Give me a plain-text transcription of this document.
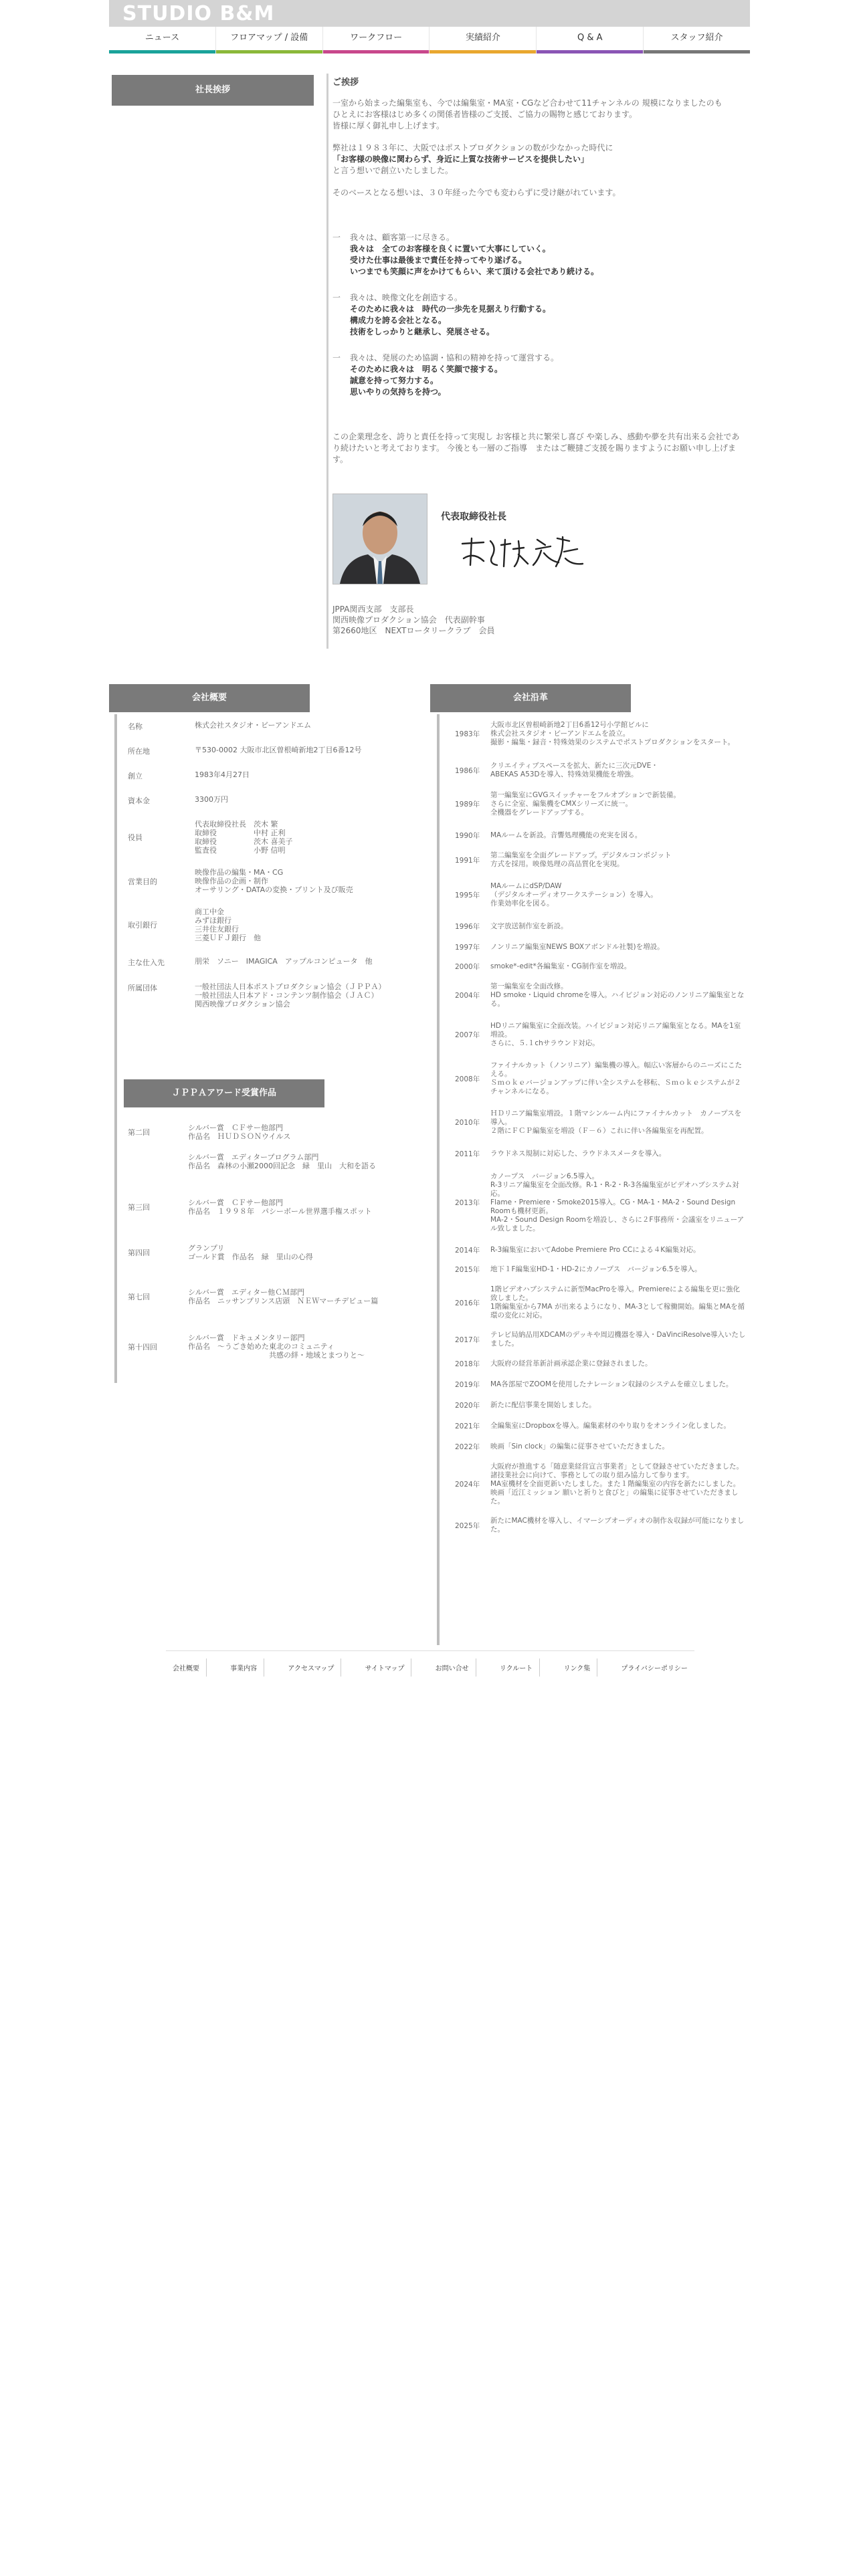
STUDIO B&M
ニュース	フロアマップ / 設備	ワークフロー	実績紹介	Q & A	スタッフ紹介
社長挨拶
ご挨拶

一室から始まった編集室も、今では編集室・MA室・CGなど合わせて11チャンネルの 規模になりましたのも
ひとえにお客様はじめ多くの関係者皆様のご支援、ご協力の賜物と感じております。
皆様に厚く御礼申し上げます。

弊社は１９８３年に、大阪ではポストプロダクションの数が少なかった時代に
「お客様の映像に関わらず、身近に上質な技術サービスを提供したい」
と言う想いで創立いたしました。

そのベースとなる想いは、３０年経った今でも変わらずに受け継がれています。

一	我々は、顧客第一に尽きる。
我々は　全てのお客様を良くに置いて大事にしていく。
受けた仕事は最後まで責任を持ってやり遂げる。
いつまでも笑顔に声をかけてもらい、来て頂ける会社であり続ける。
一	我々は、映像文化を創造する。
そのために我々は　時代の一歩先を見据えり行動する。
構成力を誇る会社となる。
技術をしっかりと継承し、発展させる。
一	我々は、発展のため協調・協和の精神を持って運営する。
そのために我々は　明るく笑顔で接する。
誠意を持って努力する。
思いやりの気持ちを持つ。

この企業理念を、誇りと責任を持って実現し お客様と共に繁栄し喜び や楽しみ、感動や夢を共有出来る会社であり続けたいと考えております。 今後とも一層のご指導　またはご鞭撻ご支援を賜りますようにお願い申し上げます。

代表取締役社長
JPPA関西支部　支部長
関西映像プロダクション協会　代表副幹事
第2660地区　NEXTロータリークラブ　会員
会社概要
名称	株式会社スタジオ・ビーアンドエム
所在地	〒530-0002 大阪市北区曽根崎新地2丁目6番12号
創立	1983年4月27日
資本金	3300万円
役員
代表取締役社長　茨木 繁
取締役　　　　　中村 正利
取締役　　　　　茨木 喜美子
監査役　　　　　小野 信明
営業目的
映像作品の編集・MA・CG
映像作品の企画・制作
オーサリング・DATAの変換・プリント及び販売
取引銀行
商工中金
みずほ銀行
三井住友銀行
三菱ＵＦＪ銀行　他
主な仕入先	朋栄　ソニー　IMAGICA　アップルコンピュータ　他
所属団体	一般社団法人日本ポストプロダクション協会（ＪＰＰＡ）
一般社団法人日本アド・コンテンツ制作協会（ＪＡＣ）
関西映像プロダクション協会
ＪＰＰＡアワード受賞作品
第二回
シルバー賞　ＣＦサー他部門
作品名　ＨＵＤＳＯＮウイルス
シルバー賞　エディタープログラム部門
作品名　森林の小瀬2000回記念　緑　里山　大和を語る
第三回
シルバー賞　ＣＦサー他部門
作品名　１９９８年　パシーボール世界選手権スポット
第四回
グランプリ
ゴールド賞　作品名　緑　里山の心得
第七回
シルバー賞　エディター他ＣＭ部門
作品名　ニッサンプリンス店頭　ＮＥＷマーチデビュー篇
第十四回
シルバー賞　ドキュメンタリー部門
作品名　〜うごき始めた東北のコミュニティ
　　　　　　　　　　　共感の絆・地域とまつりと〜
会社沿革
1983年
大阪市北区曽根崎新地2丁目6番12号小学館ビルに
株式会社スタジオ・ビーアンドエムを設立。
撮影・編集・録音・特殊効果のシステムでポストプロダクションをスタート。
1986年
クリエイティブスペースを拡大、新たに三次元DVE・
ABEKAS A53Dを導入、特殊効果機能を増強。
1989年
第一編集室にGVGスイッチャーをフルオプションで新装備。
さらに全室、編集機をCMXシリーズに統一。
全機器をグレードアップする。
1990年	MAルームを新設。音響処理機能の充実を図る。
1991年
第二編集室を全面グレードアップ。デジタルコンポジット
方式を採用。映像処理の高品質化を実現。
1995年
MAルームにdSP/DAW
（デジタルオーディオワークステーション）を導入。
作業効率化を図る。
1996年	文字放送制作室を新設。
1997年	ノンリニア編集室NEWS BOXアボンドル社製)を増設。
2000年	smoke*-edit*各編集室・CG制作室を増設。
2004年
第一編集室を全面改修。
HD smoke・Liquid chromeを導入。ハイビジョン対応のノンリニア編集室となる。
2007年
HDリニア編集室に全面改装。ハイビジョン対応リニア編集室となる。MAを1室増設。
さらに、５.１chサラウンド対応。
2008年
ファイナルカット（ノンリニア）編集機の導入。幅広い客層からのニーズにこたえる。
Ｓｍｏｋｅバージョンアップに伴い全システムを移転、Ｓｍｏｋｅシステムが２チャンネルになる。
2010年
ＨＤリニア編集室増設。１階マシンルーム内にファイナルカット　カノープスを導入。
２階にＦＣＰ編集室を増設（Ｆ－６）これに伴い各編集室を再配置。
2011年	ラウドネス規制に対応した、ラウドネスメータを導入。
2013年
カノープス　バージョン6.5導入。
R-3リニア編集室を全面改修。R-1・R-2・R-3各編集室がビデオハブシステム対応。
Flame・Premiere・Smoke2015導入。CG・MA-1・MA-2・Sound Design Roomも機材更新。
MA-2・Sound Design Roomを増設し、さらに２F事務所・会議室をリニューアル致しました。
2014年	R-3編集室においてAdobe Premiere Pro CCによる４K編集対応。
2015年	地下１F編集室HD-1・HD-2にカノープス　バージョン6.5を導入。
2016年
1階ビデオハブシステムに新型MacProを導入。Premiereによる編集を更に強化致しました。
1階編集室から7MA が出来るようになり、MA-3として稼働開始。編集とMAを循環の変化に対応。
2017年
テレビ局納品用XDCAMのデッキや周辺機器を導入・DaVinciResolve導入いたしました。
2018年	大阪府の経営革新計画承認企業に登録されました。
2019年	MA各部屋でZOOMを使用したナレーション収録のシステムを確立しました。
2020年	新たに配信事業を開始しました。
2021年	全編集室にDropboxを導入。編集素材のやり取りをオンライン化しました。
2022年	映画「Sin clock」の編集に従事させていただきました。
2024年
大阪府が推進する「随意業経営宣言事業者」として登録させていただきました。
諸技業社会に向けて、事務としての取り組み協力して参ります。
MA室機材を全面更新いたしました。また１階編集室の内容を新たにしました。
映画「近江ミッション 願いと祈りと食びと」の編集に従事させていただきました。
2025年
新たにMAC機材を導入し、イマーシブオーディオの制作＆収録が可能になりました。
会社概要	事業内容	アクセスマップ	サイトマップ	お問い合せ	リクルート	リンク集	プライバシーポリシー
